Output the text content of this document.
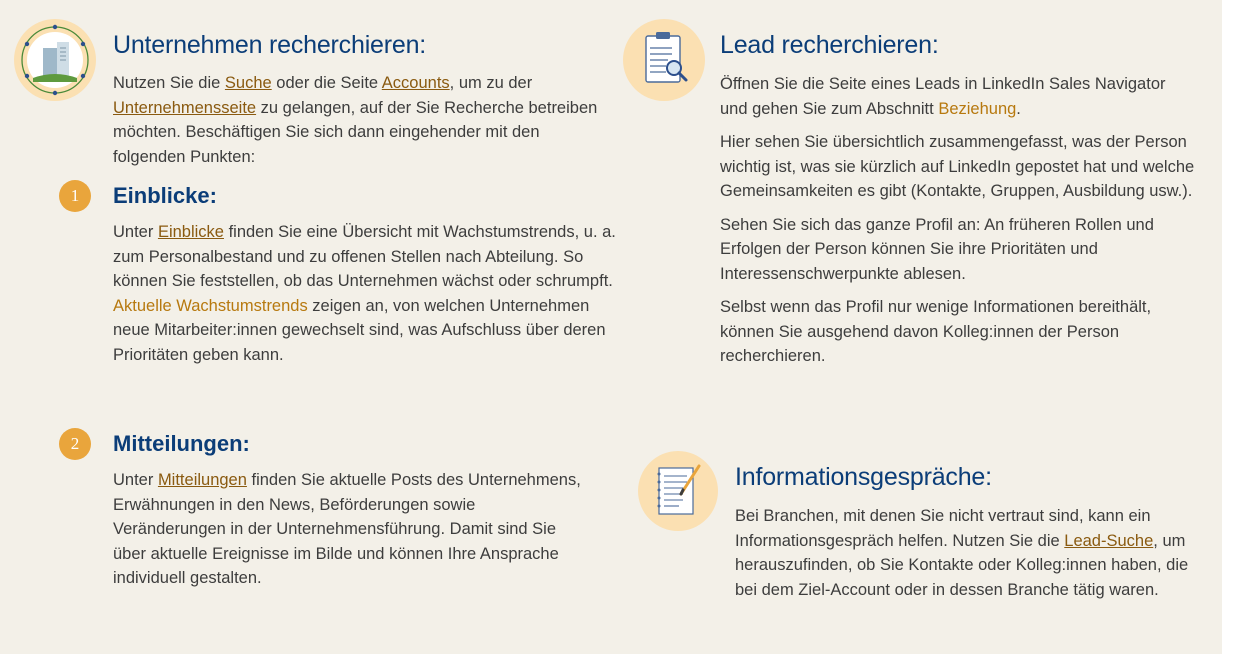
Unternehmen recherchieren:

Nutzen Sie die Suche oder die Seite Accounts, um zu der Unternehmensseite zu gelangen, auf der Sie Recherche betreiben möchten. Beschäftigen Sie sich dann eingehender mit den folgenden Punkten:

1	Einblicke:

Unter Einblicke finden Sie eine Übersicht mit Wachstumstrends, u. a. zum Personalbestand und zu offenen Stellen nach Abteilung. So können Sie feststellen, ob das Unternehmen wächst oder schrumpft. Aktuelle Wachstumstrends zeigen an, von welchen Unternehmen neue Mitarbeiter:innen gewechselt sind, was Aufschluss über deren Prioritäten geben kann.

2	Mitteilungen:

Unter Mitteilungen finden Sie aktuelle Posts des Unternehmens, Erwähnungen in den News, Beförderungen sowie Veränderungen in der Unternehmensführung. Damit sind Sie über aktuelle Ereignisse im Bilde und können Ihre Ansprache individuell gestalten.

Lead recherchieren:

Öffnen Sie die Seite eines Leads in LinkedIn Sales Navigator und gehen Sie zum Abschnitt Beziehung.

Hier sehen Sie übersichtlich zusammengefasst, was der Person wichtig ist, was sie kürzlich auf LinkedIn gepostet hat und welche Gemeinsamkeiten es gibt (Kontakte, Gruppen, Ausbildung usw.).

Sehen Sie sich das ganze Profil an: An früheren Rollen und Erfolgen der Person können Sie ihre Prioritäten und Interessenschwerpunkte ablesen.

Selbst wenn das Profil nur wenige Informationen bereithält, können Sie ausgehend davon Kolleg:innen der Person recherchieren.

Informationsgespräche:

Bei Branchen, mit denen Sie nicht vertraut sind, kann ein Informationsgespräch helfen. Nutzen Sie die Lead-Suche, um herauszufinden, ob Sie Kontakte oder Kolleg:innen haben, die bei dem Ziel-Account oder in dessen Branche tätig waren.
